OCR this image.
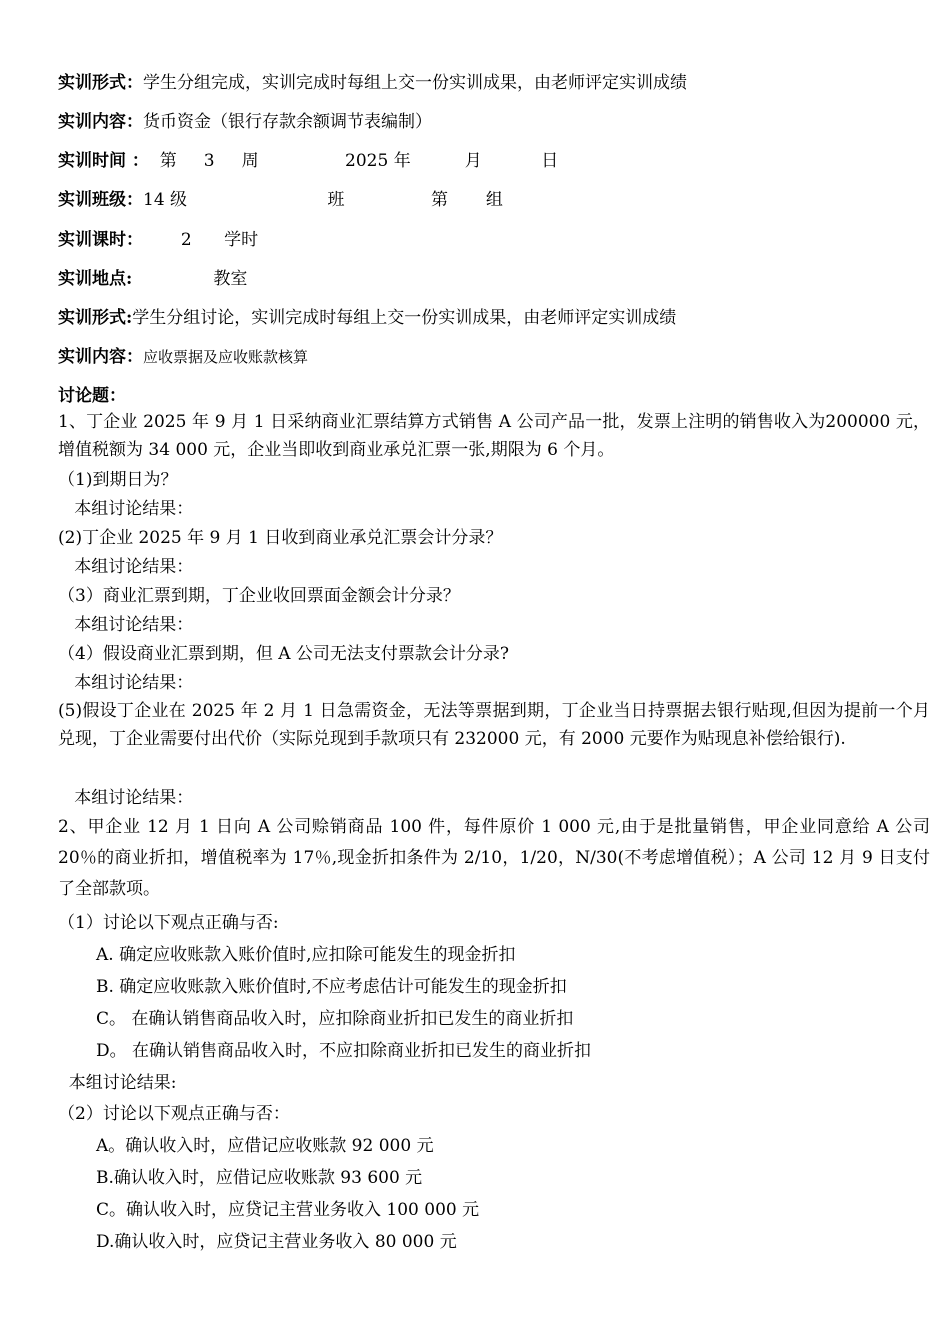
实训形式：学生分组完成，实训完成时每组上交一份实训成果，由老师评定实训成绩
实训内容：货币资金（银行存款余额调节表编制）
实训时间 ：  第     3     周                2025 年          月           日
实训班级：14 级                          班                第       组
实训课时：       2      学时
实训地点:               教室
实训形式:学生分组讨论，实训完成时每组上交一份实训成果，由老师评定实训成绩
实训内容：应收票据及应收账款核算
讨论题：
1、丁企业 2025 年 9 月 1 日采纳商业汇票结算方式销售 A 公司产品一批，发票上注明的销售收入为200000 元，增值税额为 34 000 元，企业当即收到商业承兑汇票一张,期限为 6 个月。
（1)到期日为？
本组讨论结果：
(2)丁企业 2025 年 9 月 1 日收到商业承兑汇票会计分录？
本组讨论结果：
（3）商业汇票到期，丁企业收回票面金额会计分录？
本组讨论结果：
（4）假设商业汇票到期，但 A 公司无法支付票款会计分录?
本组讨论结果：
(5)假设丁企业在 2025 年 2 月 1 日急需资金，无法等票据到期，丁企业当日持票据去银行贴现,但因为提前一个月兑现，丁企业需要付出代价（实际兑现到手款项只有 232000 元，有 2000 元要作为贴现息补偿给银行).
本组讨论结果：
2、甲企业 12 月 1 日向 A 公司赊销商品 100 件，每件原价 1 000 元,由于是批量销售，甲企业同意给 A 公司 20％的商业折扣，增值税率为 17％,现金折扣条件为 2/10，1/20，N/30(不考虑增值税）；A 公司 12 月 9 日支付了全部款项。
（1）讨论以下观点正确与否:
A. 确定应收账款入账价值时,应扣除可能发生的现金折扣
B. 确定应收账款入账价值时,不应考虑估计可能发生的现金折扣
C。 在确认销售商品收入时，应扣除商业折扣已发生的商业折扣
D。 在确认销售商品收入时，不应扣除商业折扣已发生的商业折扣
本组讨论结果:
（2）讨论以下观点正确与否：
A。确认收入时，应借记应收账款 92 000 元
B.确认收入时，应借记应收账款 93 600 元
C。确认收入时，应贷记主营业务收入 100 000 元
D.确认收入时，应贷记主营业务收入 80 000 元
